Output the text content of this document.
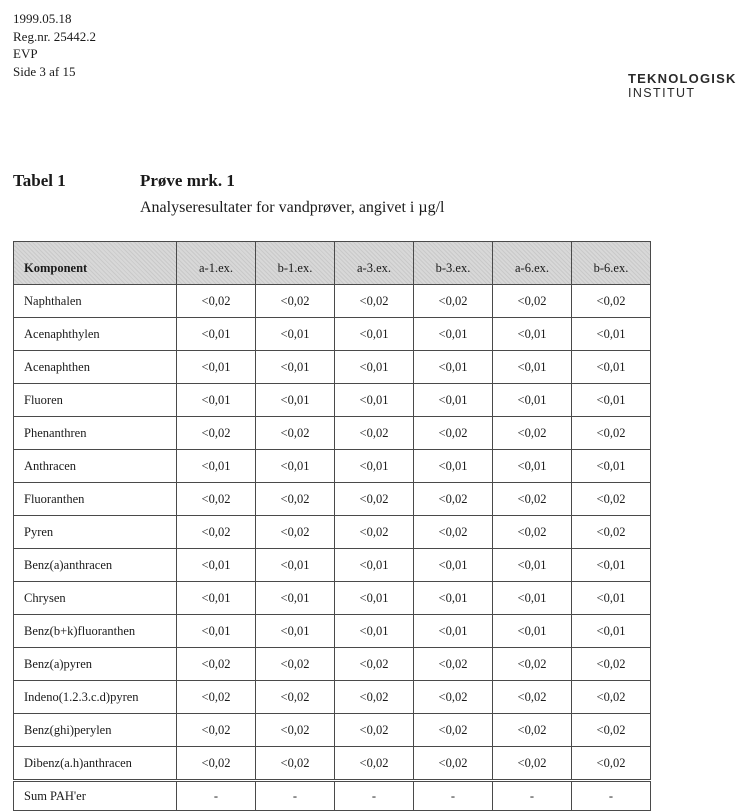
1999.05.18
Reg.nr. 25442.2
EVP
Side 3 af 15	TEKNOLOGISK
INSTITUT
Tabel 1	Prøve mrk. 1
Analyseresultater for vandprøver, angivet i µg/l
Komponent	a-1.ex.	b-1.ex.	a-3.ex.	b-3.ex.	a-6.ex.	b-6.ex.
Naphthalen	<0,02	<0,02	<0,02	<0,02	<0,02	<0,02
Acenaphthylen	<0,01	<0,01	<0,01	<0,01	<0,01	<0,01
Acenaphthen	<0,01	<0,01	<0,01	<0,01	<0,01	<0,01
Fluoren	<0,01	<0,01	<0,01	<0,01	<0,01	<0,01
Phenanthren	<0,02	<0,02	<0,02	<0,02	<0,02	<0,02
Anthracen	<0,01	<0,01	<0,01	<0,01	<0,01	<0,01
Fluoranthen	<0,02	<0,02	<0,02	<0,02	<0,02	<0,02
Pyren	<0,02	<0,02	<0,02	<0,02	<0,02	<0,02
Benz(a)anthracen	<0,01	<0,01	<0,01	<0,01	<0,01	<0,01
Chrysen	<0,01	<0,01	<0,01	<0,01	<0,01	<0,01
Benz(b+k)fluoranthen	<0,01	<0,01	<0,01	<0,01	<0,01	<0,01
Benz(a)pyren	<0,02	<0,02	<0,02	<0,02	<0,02	<0,02
Indeno(1.2.3.c.d)pyren	<0,02	<0,02	<0,02	<0,02	<0,02	<0,02
Benz(ghi)perylen	<0,02	<0,02	<0,02	<0,02	<0,02	<0,02
Dibenz(a.h)anthracen	<0,02	<0,02	<0,02	<0,02	<0,02	<0,02
Sum PAH'er	-	-	-	-	-	-
